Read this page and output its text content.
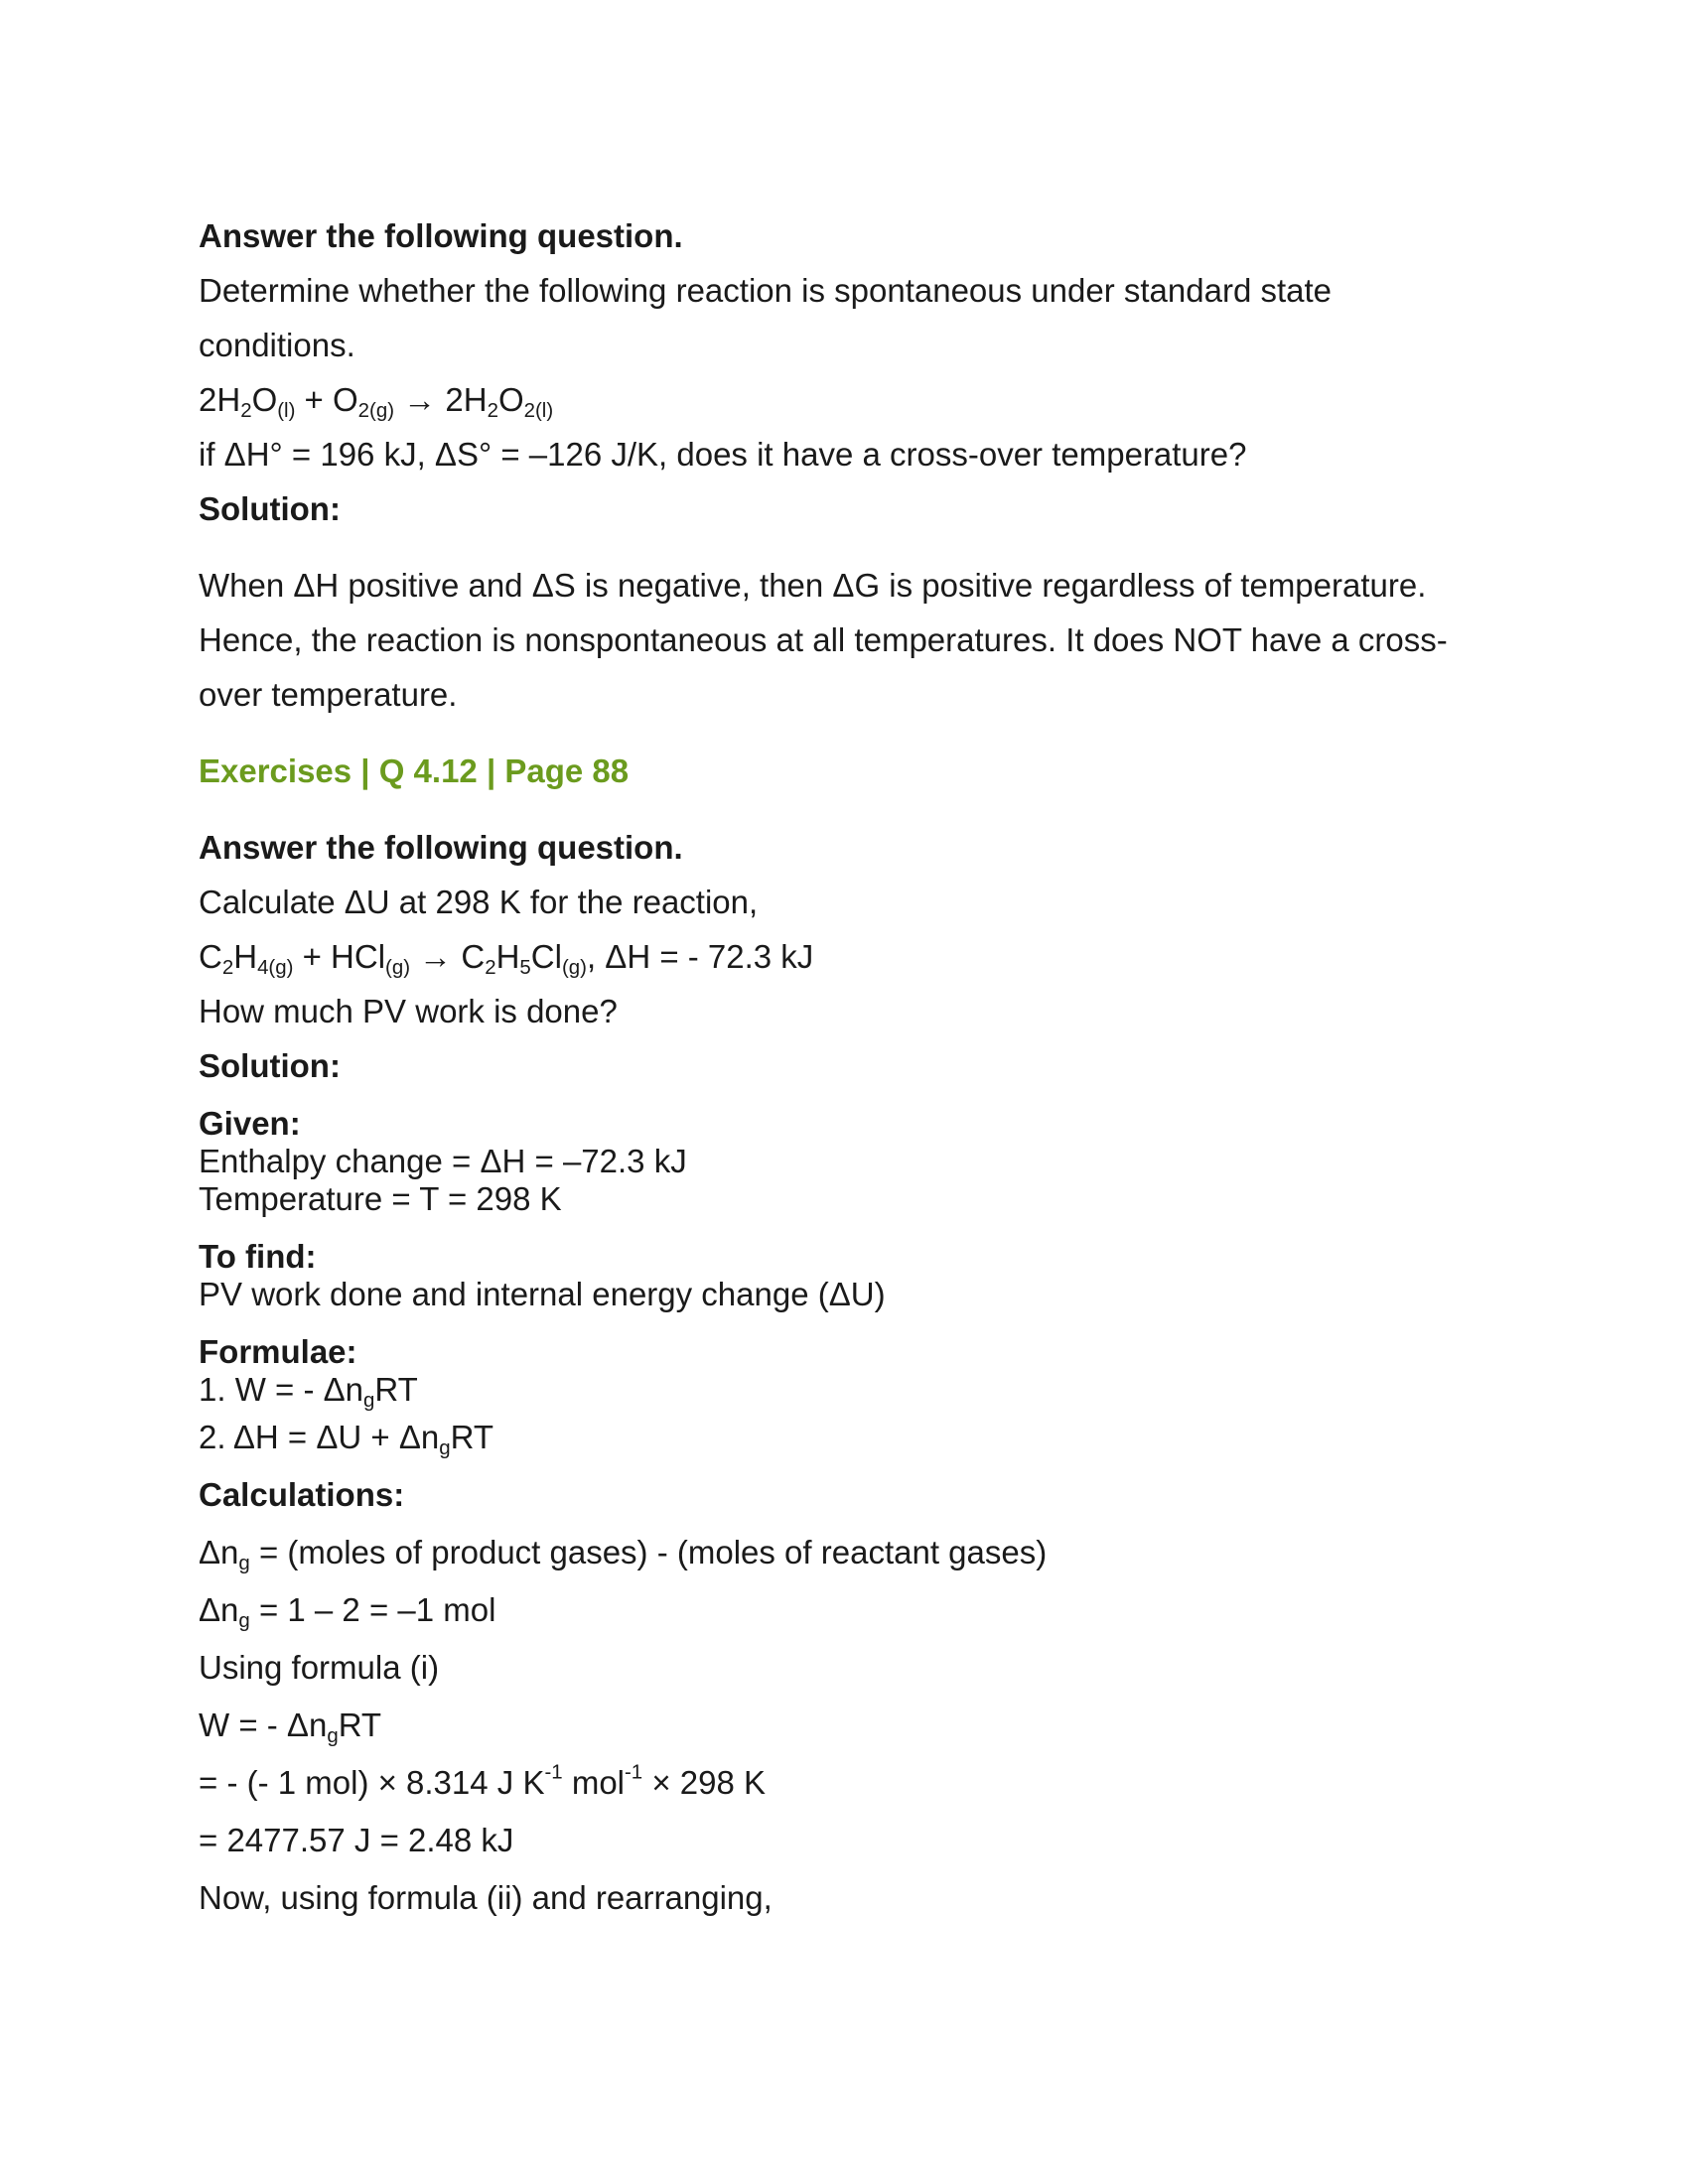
Answer the following question.
Determine whether the following reaction is spontaneous under standard state
conditions.
$2H_2O_{(l)} + O_{2(g)} \to 2H_2O_{2(l)}$
if ΔH° = 196 kJ, ΔS° = –126 J/K, does it have a cross-over temperature?
Solution:
When ΔH positive and ΔS is negative, then ΔG is positive regardless of temperature.
Hence, the reaction is nonspontaneous at all temperatures. It does NOT have a cross-
over temperature.
Exercises | Q 4.12 | Page 88
Answer the following question.
Calculate ΔU at 298 K for the reaction,
$C_2H_{4(g)} + HCl_{(g)} \to C_2H_5Cl_{(g)}$, ΔH = - 72.3 kJ
How much PV work is done?
Solution:
Given:
Enthalpy change = ΔH = –72.3 kJ
Temperature = T = 298 K
To find:
PV work done and internal energy change (ΔU)
Formulae:
1. W = - $\Delta n_gRT$
2. $\Delta H = \Delta U + \Delta n_gRT$
Calculations:
$\Delta n_g$ = (moles of product gases) - (moles of reactant gases)
$\Delta n_g = 1 - 2 = -1$ mol
Using formula (i)
W = - $\Delta n_gRT$
= - (- 1 mol) × 8.314 J $K^{-1}$ mol$^{-1}$ × 298 K
= 2477.57 J = 2.48 kJ
Now, using formula (ii) and rearranging,
